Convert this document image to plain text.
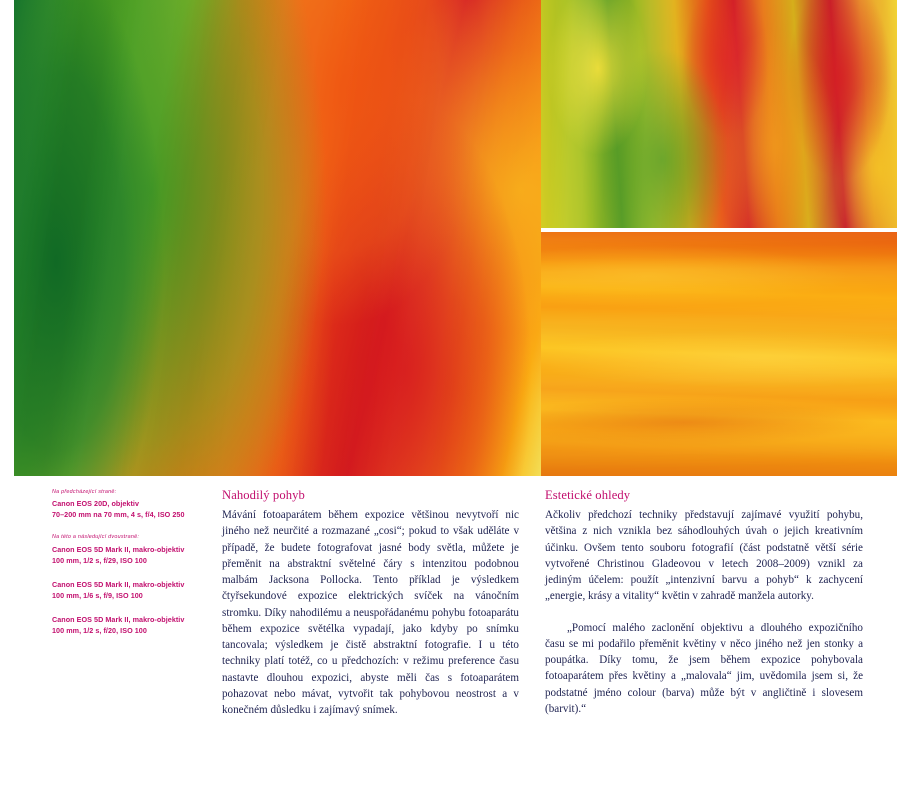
Na předcházející straně:
Canon EOS 20D, objektiv
70–200 mm na 70 mm, 4 s, f/4, ISO 250
Na této a následující dvoustraně:
Canon EOS 5D Mark II, makro-objektiv
100 mm, 1/2 s, f/29, ISO 100
Canon EOS 5D Mark II, makro-objektiv
100 mm, 1/6 s, f/9, ISO 100
Canon EOS 5D Mark II, makro-objektiv
100 mm, 1/2 s, f/20, ISO 100
Nahodilý pohyb

Mávání fotoaparátem během expozice většinou nevytvoří nic jiného než neurčité a rozmazané „cosi“; pokud to však uděláte v případě, že budete fotografovat jasné body světla, můžete je přeměnit na abstraktní světelné čáry s intenzitou podobnou malbám Jacksona Pollocka. Tento příklad je výsledkem čtyřsekundové expozice elektrických svíček na vánočním stromku. Díky nahodilému a neuspořádanému pohybu fotoaparátu během expozice světélka vypadají, jako kdyby po snímku tancovala; výsledkem je čistě abstraktní fotografie. I u této techniky platí totéž, co u předchozích: v režimu preference času nastavte dlouhou expozici, abyste měli čas s fotoaparátem pohazovat nebo mávat, vytvořit tak pohybovou neostrost a v konečném důsledku i zajímavý snímek.

Estetické ohledy

Ačkoliv předchozí techniky představují zajímavé využití pohybu, většina z nich vznikla bez sáhodlouhých úvah o jejich kreativním účinku. Ovšem tento souboru fotografií (část podstatně větší série vytvořené Christinou Gladeovou v letech 2008–2009) vznikl za jediným účelem: použít „intenzivní barvu a pohyb“ k zachycení „energie, krásy a vitality“ květin v zahradě manžela autorky.

„Pomocí malého zaclonění objektivu a dlouhého expozičního času se mi podařilo přeměnit květiny v něco jiného než jen stonky a poupátka. Díky tomu, že jsem během expozice pohybovala fotoaparátem přes květiny a „malovala“ jim, uvědomila jsem si, že podstatné jméno colour (barva) může být v angličtině i slovesem (barvit).“
